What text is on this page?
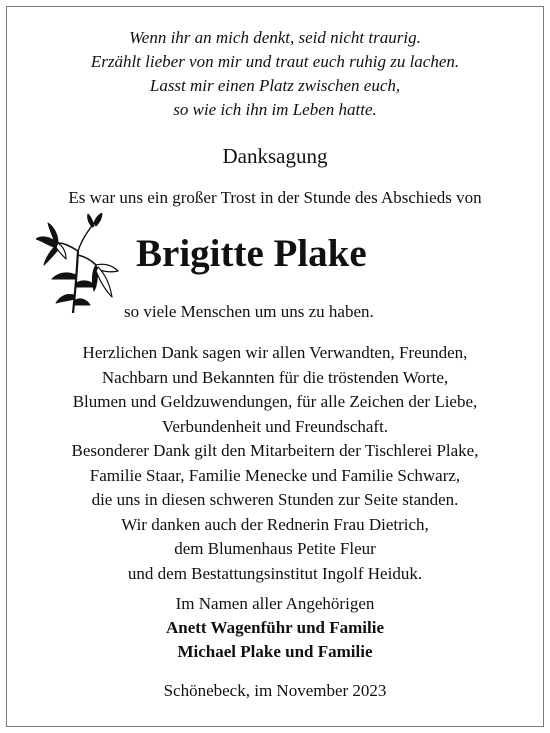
Wenn ihr an mich denkt, seid nicht traurig.
Erzählt lieber von mir und traut euch ruhig zu lachen.
Lasst mir einen Platz zwischen euch,
so wie ich ihn im Leben hatte.
Danksagung
Es war uns ein großer Trost in der Stunde des Abschieds von
Brigitte Plake
so viele Menschen um uns zu haben.
Herzlichen Dank sagen wir allen Verwandten, Freunden,
Nachbarn und Bekannten für die tröstenden Worte,
Blumen und Geldzuwendungen, für alle Zeichen der Liebe,
Verbundenheit und Freundschaft.
Besonderer Dank gilt den Mitarbeitern der Tischlerei Plake,
Familie Staar, Familie Menecke und Familie Schwarz,
die uns in diesen schweren Stunden zur Seite standen.
Wir danken auch der Rednerin Frau Dietrich,
dem Blumenhaus Petite Fleur
und dem Bestattungsinstitut Ingolf Heiduk.
Im Namen aller Angehörigen
Anett Wagenführ und Familie
Michael Plake und Familie
Schönebeck, im November 2023
